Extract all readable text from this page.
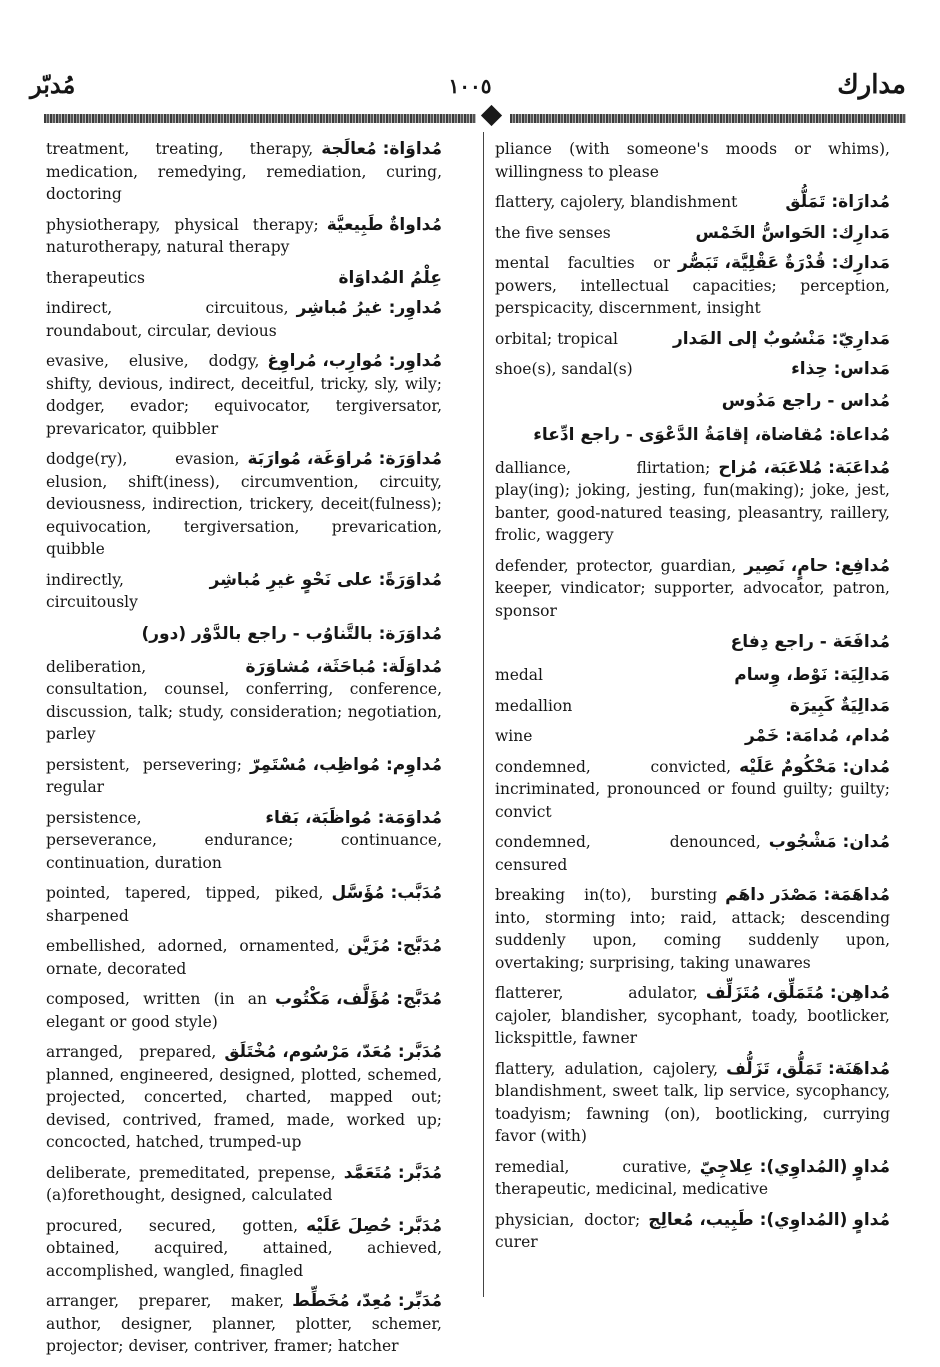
مدارك
١٠٠٥
مُدبّر
مُداوَاة: مُعالَجة
treatment, treating, therapy, medication, remedying, remediation, curing, doctoring
مُداواةٌ طَبِيعيَّة
physiotherapy, physical therapy; naturotherapy, natural therapy
عِلْمُ المُداوَاة
therapeutics
مُداوِر: غيرُ مُباشِر
indirect, circuitous, roundabout, circular, devious
مُداوِر: مُوارِب، مُراوِغ
evasive, elusive, dodgy, shifty, devious, indirect, deceitful, tricky, sly, wily; dodger, evador; equivocator, tergiversator, prevaricator, quibbler
مُداوَرَة: مُراوَغَة، مُوارَبَة
dodge(ry), evasion, elusion, shift(iness), circumvention, circuity, deviousness, indirection, trickery, deceit(fulness); equivocation, tergiversation, prevarication, quibble
مُداوَرَةً: على نَحْوٍ غيرِ مُباشِر
indirectly, circuitously
مُداوَرَة: بالتَّناوُب - راجع بالدَّوْر (دور)
مُداوَلَة: مُباحَثَة، مُشاوَرَة
deliberation, consultation, counsel, conferring, conference, discussion, talk; study, consideration; negotiation, parley
مُداوِم: مُواظِب، مُسْتَمِرّ
persistent, persevering; regular
مُداوَمَة: مُواظَبَة، بَقاء
persistence, perseverance, endurance; continuance, continuation, duration
مُدَبَّب: مُؤَسَّل
pointed, tapered, tipped, piked, sharpened
مُدَبَّج: مُزَيَّن
embellished, adorned, ornamented, ornate, decorated
مُدَبَّج: مُؤَلَّف، مَكْتُوب
composed, written (in an elegant or good style)
مُدَبَّر: مُعَدّ، مَرْسُوم، مُخْتَلَق
arranged, prepared, planned, engineered, designed, plotted, schemed, projected, concerted, charted, mapped out; devised, contrived, framed, made, worked up; concocted, hatched, trumped-up
مُدَبَّر: مُتَعَمَّد
deliberate, premeditated, prepense, (a)forethought, designed, calculated
مُدَبَّر: حُصِلَ عَلَيْه
procured, secured, gotten, obtained, acquired, attained, achieved, accomplished, wangled, finagled
مُدَبِّر: مُعِدّ، مُخَطِّط
arranger, preparer, maker, author, designer, planner, plotter, schemer, projector; deviser, contriver, framer; hatcher
pliance (with someone's moods or whims), willingness to please
مُدارَاة: تَمَلُّق
flattery, cajolery, blandishment
مَدارِك: الحَواسُّ الخَمْس
the five senses
مَدارِك: قُدْرَةٌ عَقْلِيَّة، تَبَصُّر
mental faculties or powers, intellectual capacities; perception, perspicacity, discernment, insight
مَدارِيّ: مَنْسُوبٌ إلى المَدار
orbital; tropical
مَداس: حِذاء
shoe(s), sandal(s)
مُداس - راجع مَدُوس
مُداعاة: مُقاضاة، إقامَةُ الدَّعْوَى - راجع ادِّعاء
مُداعَبَة: مُلاعَبَة، مُزاح
dalliance, flirtation; play(ing); joking, jesting, fun(making); joke, jest, banter, good-natured teasing, pleasantry, raillery, frolic, waggery
مُدافِع: حامٍ، نَصِير
defender, protector, guardian, keeper, vindicator; supporter, advocator, patron, sponsor
مُدافَعَة - راجع دِفاع
مَدالِيَة: نَوْط، وِسام
medal
مَدالِيَةٌ كَبِيرَة
medallion
مُدام، مُدامَة: خَمْر
wine
مُدان: مَحْكُومٌ عَلَيْه
condemned, convicted, incriminated, pronounced or found guilty; guilty; convict
مُدان: مَشْجُوب
condemned, denounced, censured
مُداهَمَة: مَصْدَر داهَم
breaking in(to), bursting into, storming into; raid, attack; descending suddenly upon, coming suddenly upon, overtaking; surprising, taking unawares
مُداهِن: مُتَمَلِّق، مُتَزَلِّف
flatterer, adulator, cajoler, blandisher, sycophant, toady, bootlicker, lickspittle, fawner
مُداهَنَة: تَمَلُّق، تَزَلُّف
flattery, adulation, cajolery, blandishment, sweet talk, lip service, sycophancy, toadyism; fawning (on), bootlicking, currying favor (with)
مُداوٍ (المُداوِي): عِلاجِيّ
remedial, curative, therapeutic, medicinal, medicative
مُداوٍ (المُداوِي): طَبِيب، مُعالِج
physician, doctor; curer
